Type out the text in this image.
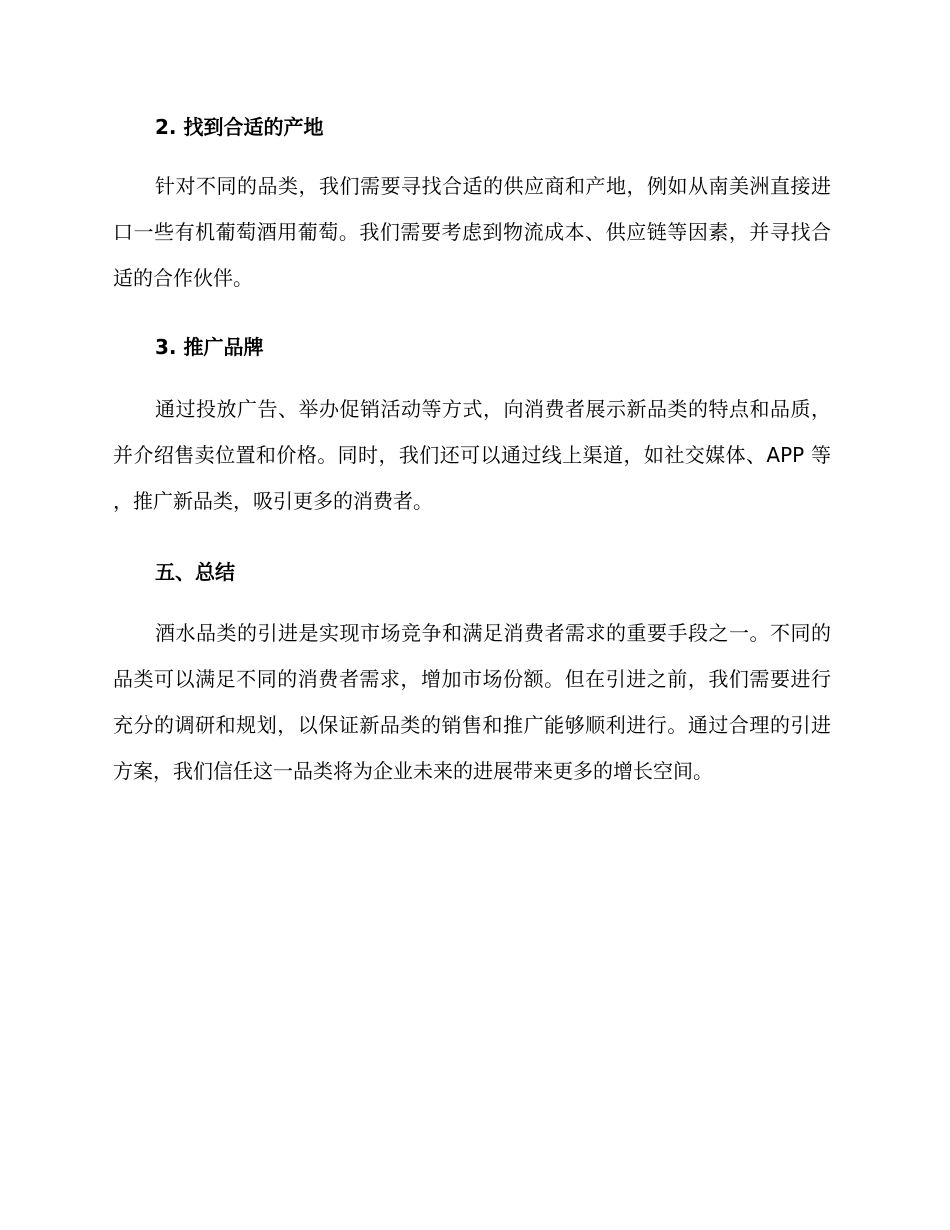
2. 找到合适的产地

针对不同的品类，我们需要寻找合适的供应商和产地，例如从南美洲直接进口一些有机葡萄酒用葡萄。我们需要考虑到物流成本、供应链等因素，并寻找合适的合作伙伴。

3. 推广品牌

通过投放广告、举办促销活动等方式，向消费者展示新品类的特点和品质，并介绍售卖位置和价格。同时，我们还可以通过线上渠道，如社交媒体、APP 等，推广新品类，吸引更多的消费者。

五、总结

酒水品类的引进是实现市场竞争和满足消费者需求的重要手段之一。不同的品类可以满足不同的消费者需求，增加市场份额。但在引进之前，我们需要进行充分的调研和规划，以保证新品类的销售和推广能够顺利进行。通过合理的引进方案，我们信任这一品类将为企业未来的进展带来更多的增长空间。
